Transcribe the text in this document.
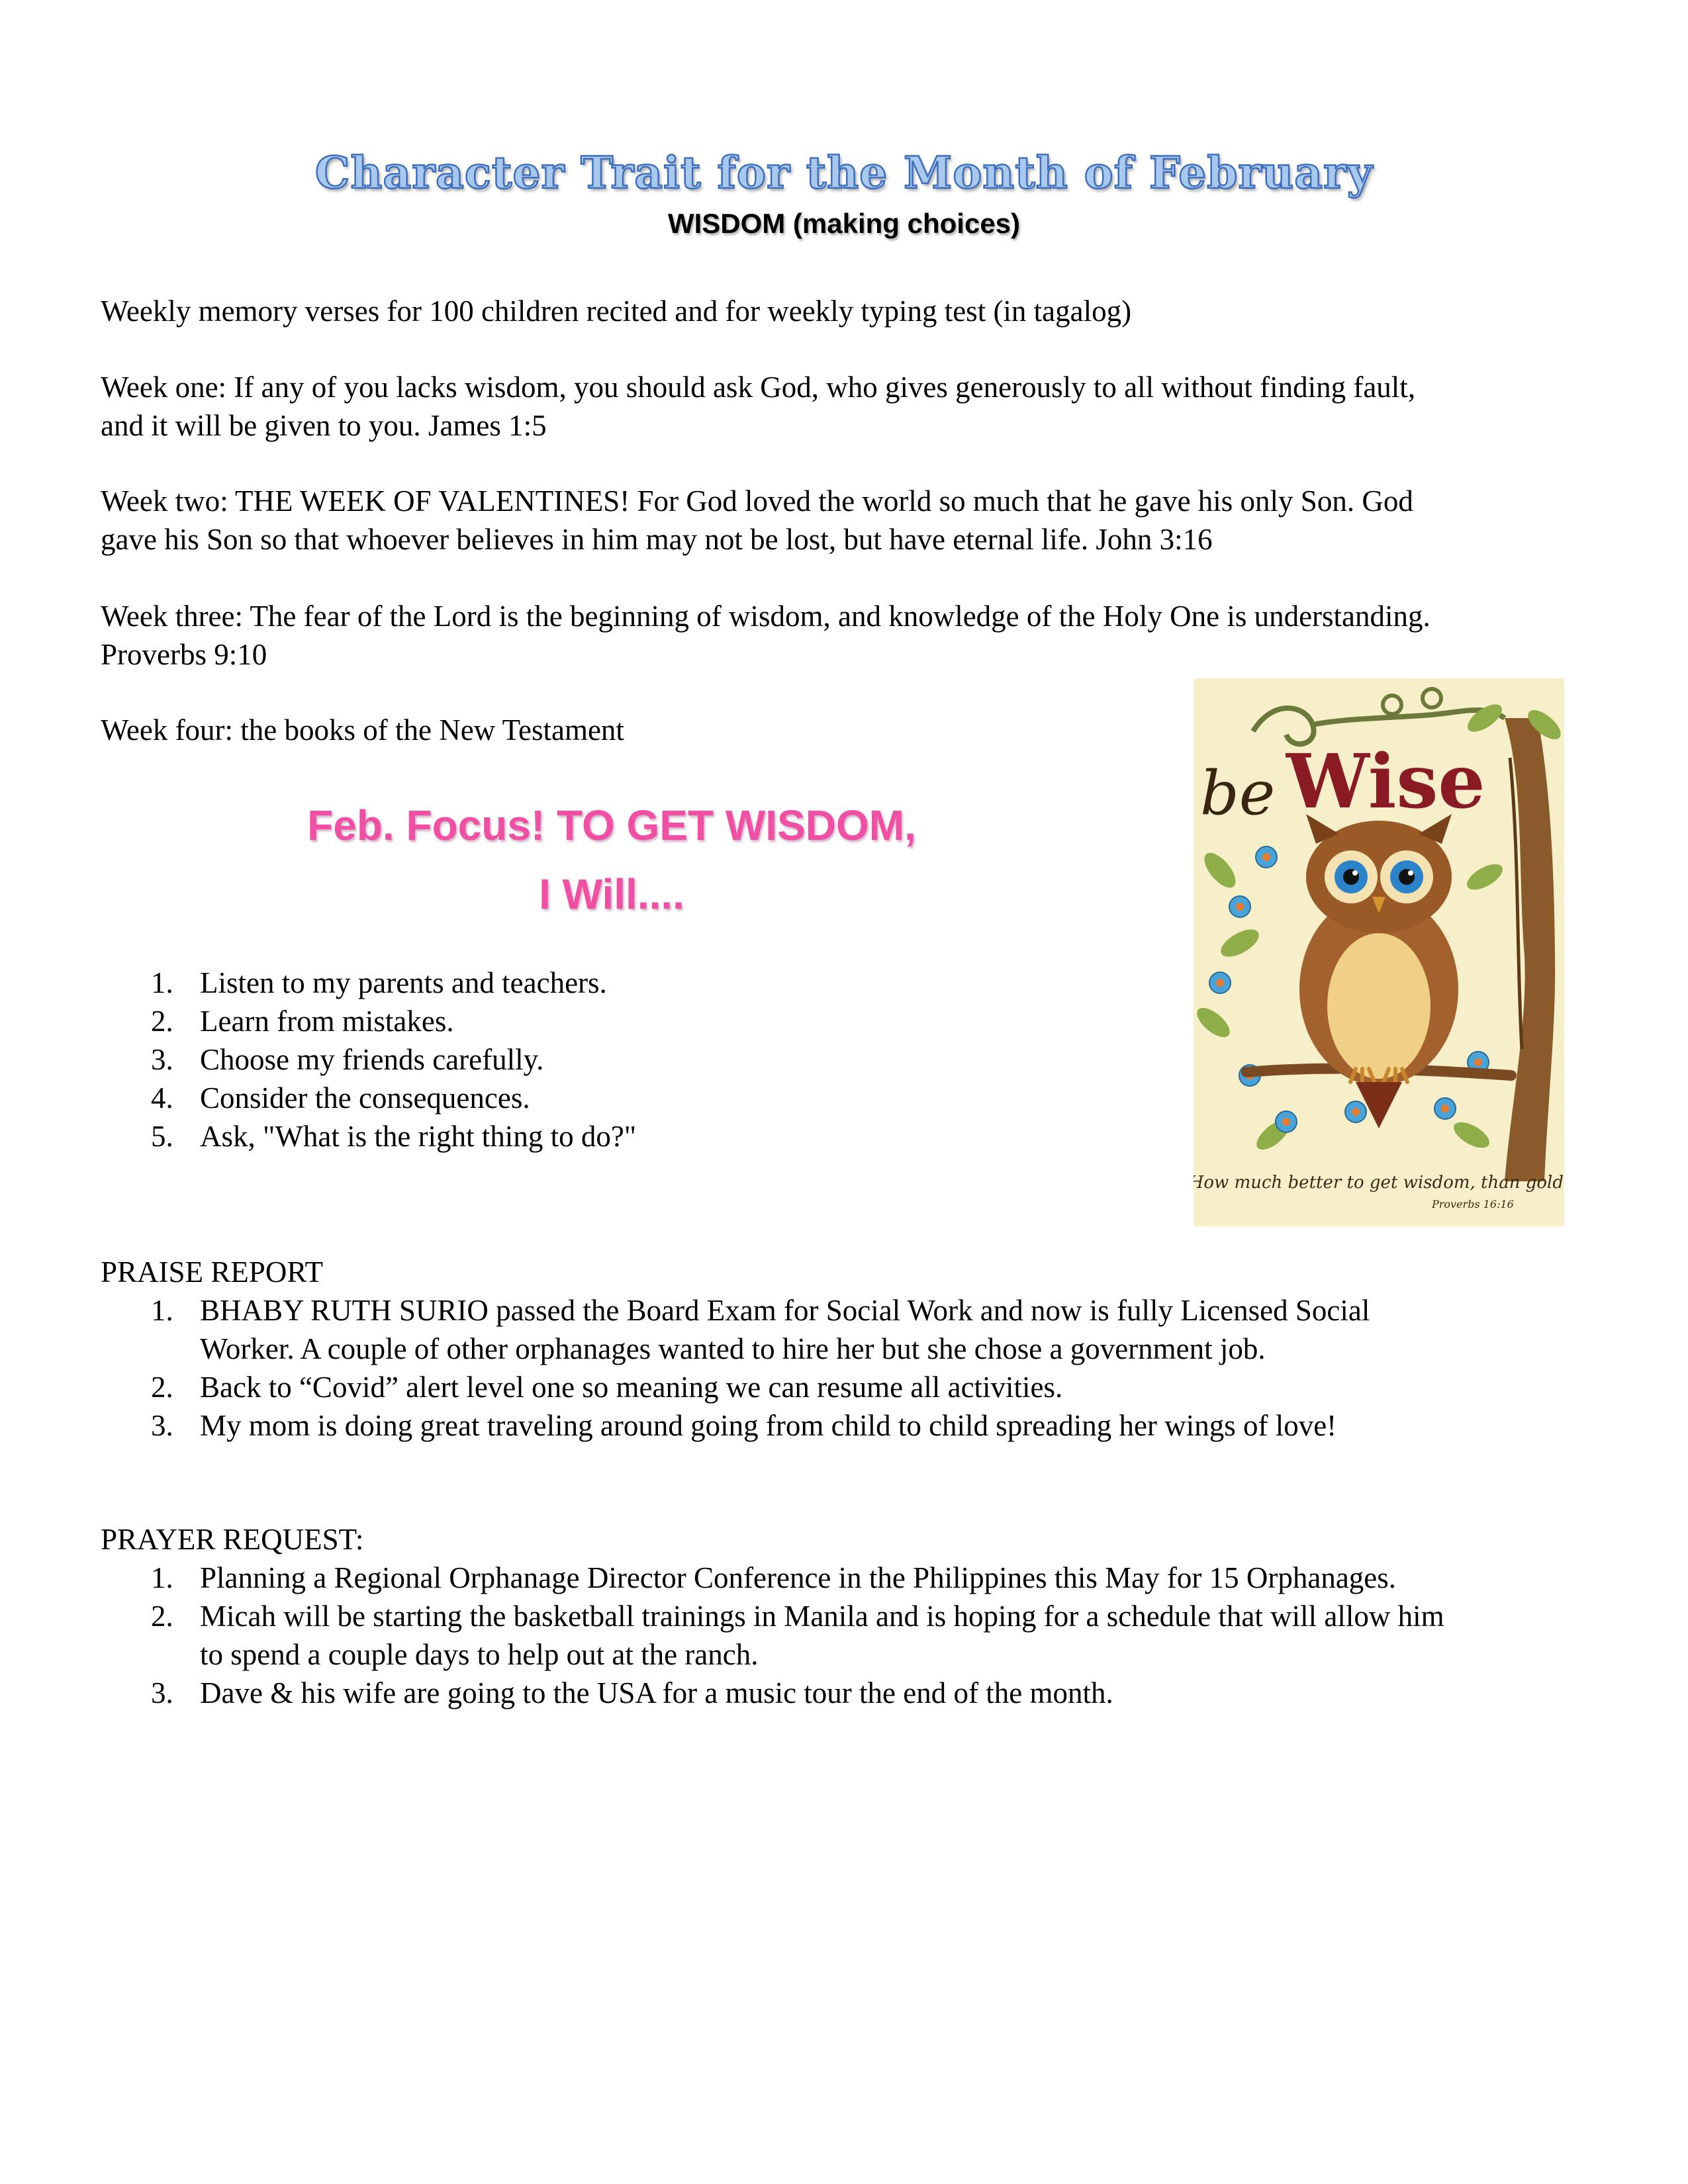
Character Trait for the Month of February
WISDOM (making choices)

Weekly memory verses for 100 children recited and for weekly typing test (in tagalog)

Week one: If any of you lacks wisdom, you should ask God, who gives generously to all without finding fault,
and it will be given to you. James 1:5

Week two: THE WEEK OF VALENTINES! For God loved the world so much that he gave his only Son. God
gave his Son so that whoever believes in him may not be lost, but have eternal life. John 3:16

Week three: The fear of the Lord is the beginning of wisdom, and knowledge of the Holy One is understanding.
Proverbs 9:10

Week four: the books of the New Testament

Feb. Focus! TO GET WISDOM,
I Will....

1. Listen to my parents and teachers.
2. Learn from mistakes.
3. Choose my friends carefully.
4. Consider the consequences.
5. Ask, "What is the right thing to do?"
be Wise
How much better to get wisdom, than gold.
Proverbs 16:16

PRAISE REPORT

1. BHABY RUTH SURIO passed the Board Exam for Social Work and now is fully Licensed Social
Worker. A couple of other orphanages wanted to hire her but she chose a government job.
2. Back to “Covid” alert level one so meaning we can resume all activities.
3. My mom is doing great traveling around going from child to child spreading her wings of love!

PRAYER REQUEST:

1. Planning a Regional Orphanage Director Conference in the Philippines this May for 15 Orphanages.
2. Micah will be starting the basketball trainings in Manila and is hoping for a schedule that will allow him
to spend a couple days to help out at the ranch.
3. Dave & his wife are going to the USA for a music tour the end of the month.
